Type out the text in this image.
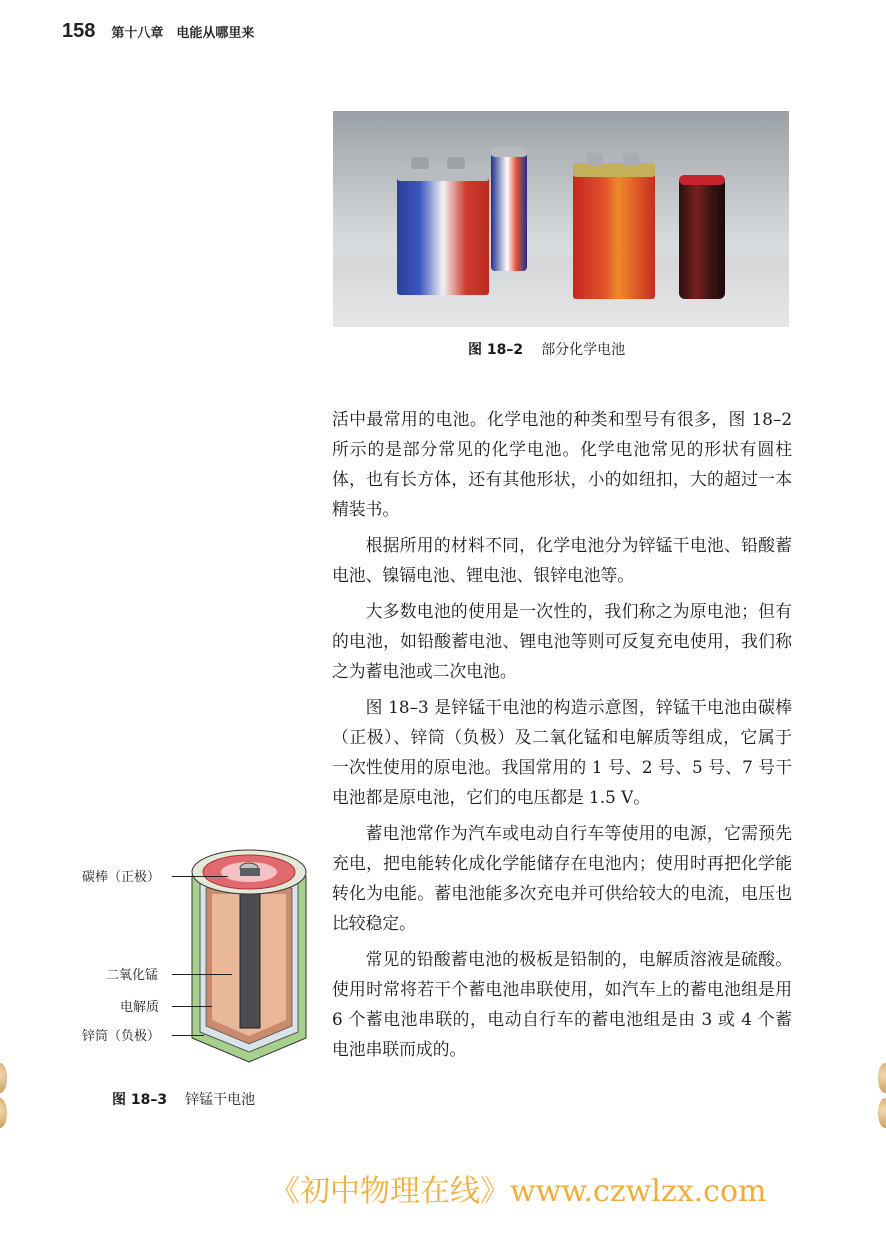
158 第十八章　电能从哪里来
图 18–2 部分化学电池

活中最常用的电池。化学电池的种类和型号有很多，图 18–2 所示的是部分常见的化学电池。化学电池常见的形状有圆柱体，也有长方体，还有其他形状，小的如纽扣，大的超过一本精装书。

根据所用的材料不同，化学电池分为锌锰干电池、铅酸蓄电池、镍镉电池、锂电池、银锌电池等。

大多数电池的使用是一次性的，我们称之为原电池；但有的电池，如铅酸蓄电池、锂电池等则可反复充电使用，我们称之为蓄电池或二次电池。

图 18–3 是锌锰干电池的构造示意图，锌锰干电池由碳棒（正极）、锌筒（负极）及二氧化锰和电解质等组成，它属于一次性使用的原电池。我国常用的 1 号、2 号、5 号、7 号干电池都是原电池，它们的电压都是 1.5 V。

蓄电池常作为汽车或电动自行车等使用的电源，它需预先充电，把电能转化成化学能储存在电池内；使用时再把化学能转化为电能。蓄电池能多次充电并可供给较大的电流，电压也比较稳定。

常见的铅酸蓄电池的极板是铅制的，电解质溶液是硫酸。使用时常将若干个蓄电池串联使用，如汽车上的蓄电池组是用 6 个蓄电池串联的，电动自行车的蓄电池组是由 3 或 4 个蓄电池串联而成的。

碳棒（正极）
二氧化锰
电解质
锌筒（负极）
图 18–3 锌锰干电池
《初中物理在线》www.czwlzx.com
